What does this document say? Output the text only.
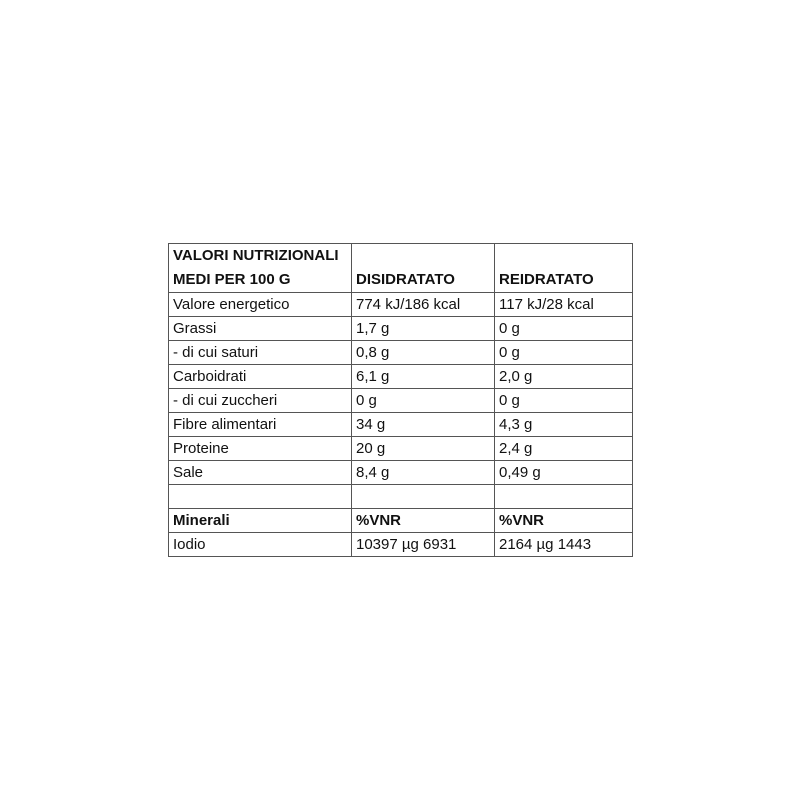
VALORI NUTRIZIONALI
MEDI PER 100 G	DISIDRATATO	REIDRATATO
Valore energetico	774 kJ/186 kcal	117 kJ/28 kcal
Grassi	1,7 g	0 g
- di cui saturi	0,8 g	0 g
Carboidrati	6,1 g	2,0 g
- di cui zuccheri	0 g	0 g
Fibre alimentari	34 g	4,3 g
Proteine	20 g	2,4 g
Sale	8,4 g	0,49 g

Minerali	%VNR	%VNR
Iodio	10397 µg 6931	2164 µg 1443
